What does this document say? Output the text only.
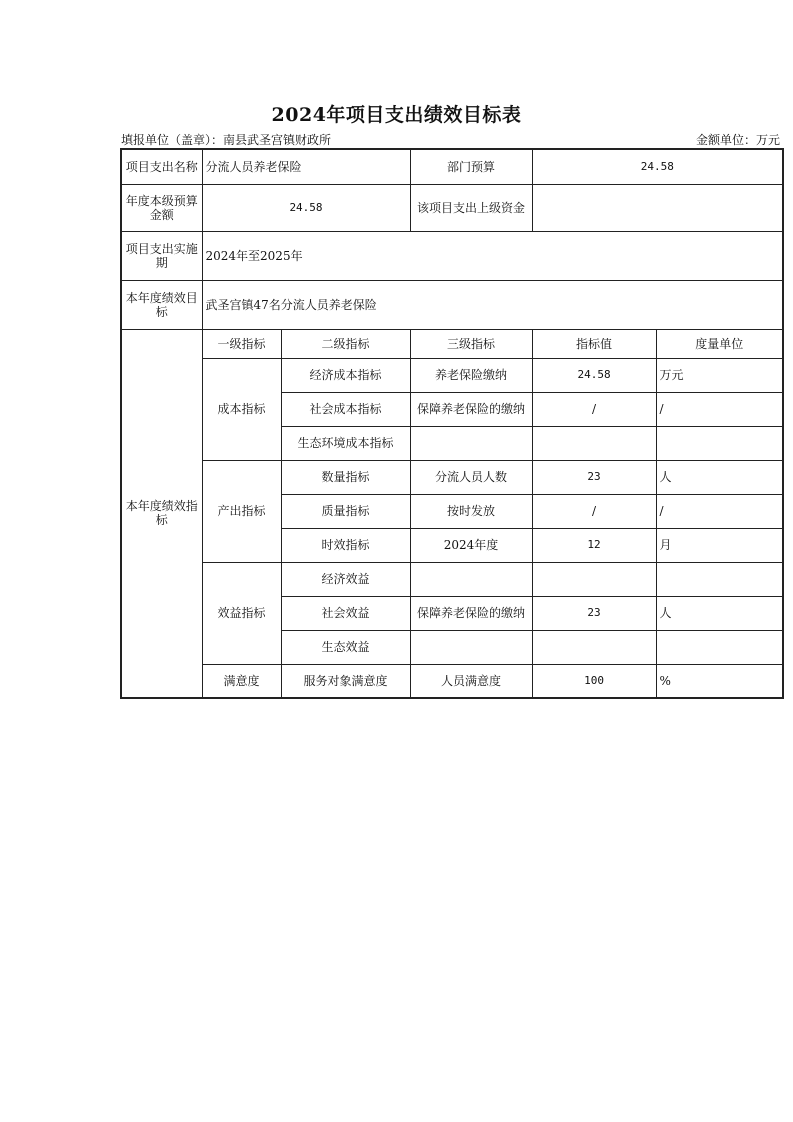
2024年项目支出绩效目标表
填报单位（盖章）：南县武圣宫镇财政所	金额单位：万元
项目支出名称	分流人员养老保险		部门预算	24.58	
年度本级预算金额	24.58		该项目支出上级资金		
项目支出实施期	2024年至2025年				
本年度绩效目标	武圣宫镇47名分流人员养老保险				
本年度绩效指标	一级指标	二级指标	三级指标	指标值	度量单位
	成本指标	经济成本指标	养老保险缴纳	24.58	万元
		社会成本指标	保障养老保险的缴纳	/	/
		生态环境成本指标			
	产出指标	数量指标	分流人员人数	23	人
		质量指标	按时发放	/	/
		时效指标	2024年度	12	月
	效益指标	经济效益			
		社会效益	保障养老保险的缴纳	23	人
		生态效益			
	满意度	服务对象满意度	人员满意度	100	%
